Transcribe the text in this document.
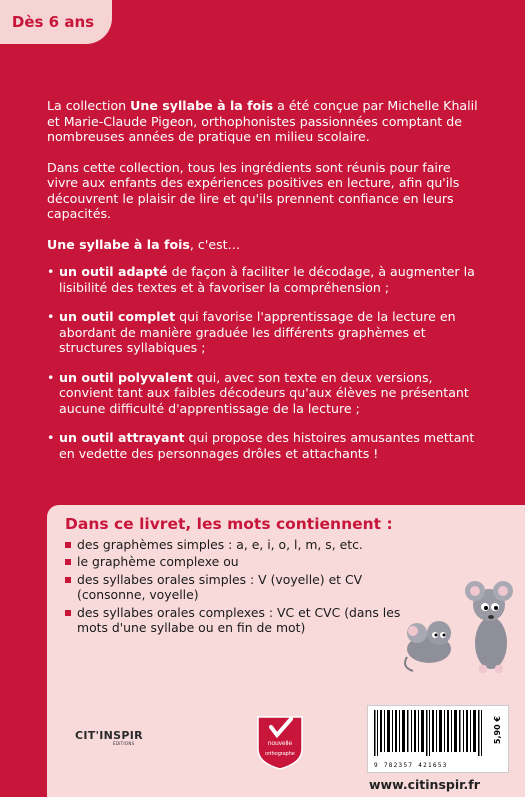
Dès 6 ans

La collection Une syllabe à la fois a été conçue par Michelle Khalil et Marie-Claude Pigeon, orthophonistes passionnées comptant de nombreuses années de pratique en milieu scolaire.

Dans cette collection, tous les ingrédients sont réunis pour faire vivre aux enfants des expériences positives en lecture, afin qu'ils découvrent le plaisir de lire et qu'ils prennent confiance en leurs capacités.

Une syllabe à la fois, c'est…

• un outil adapté de façon à faciliter le décodage, à augmenter la lisibilité des textes et à favoriser la compréhension ;
• un outil complet qui favorise l'apprentissage de la lecture en abordant de manière graduée les différents graphèmes et structures syllabiques ;
• un outil polyvalent qui, avec son texte en deux versions, convient tant aux faibles décodeurs qu'aux élèves ne présentant aucune difficulté d'apprentissage de la lecture ;
• un outil attrayant qui propose des histoires amusantes mettant en vedette des personnages drôles et attachants !
Dans ce livret, les mots contiennent :
des graphèmes simples : a, e, i, o, l, m, s, etc.
le graphème complexe ou
des syllabes orales simples : V (voyelle) et CV (consonne, voyelle)
des syllabes orales complexes : VC et CVC (dans les mots d'une syllabe ou en fin de mot)
CIT'INSPIR
ÉDITIONS	nouvelle
orthographe
9 782357 421653
5,90 €
www.citinspir.fr
